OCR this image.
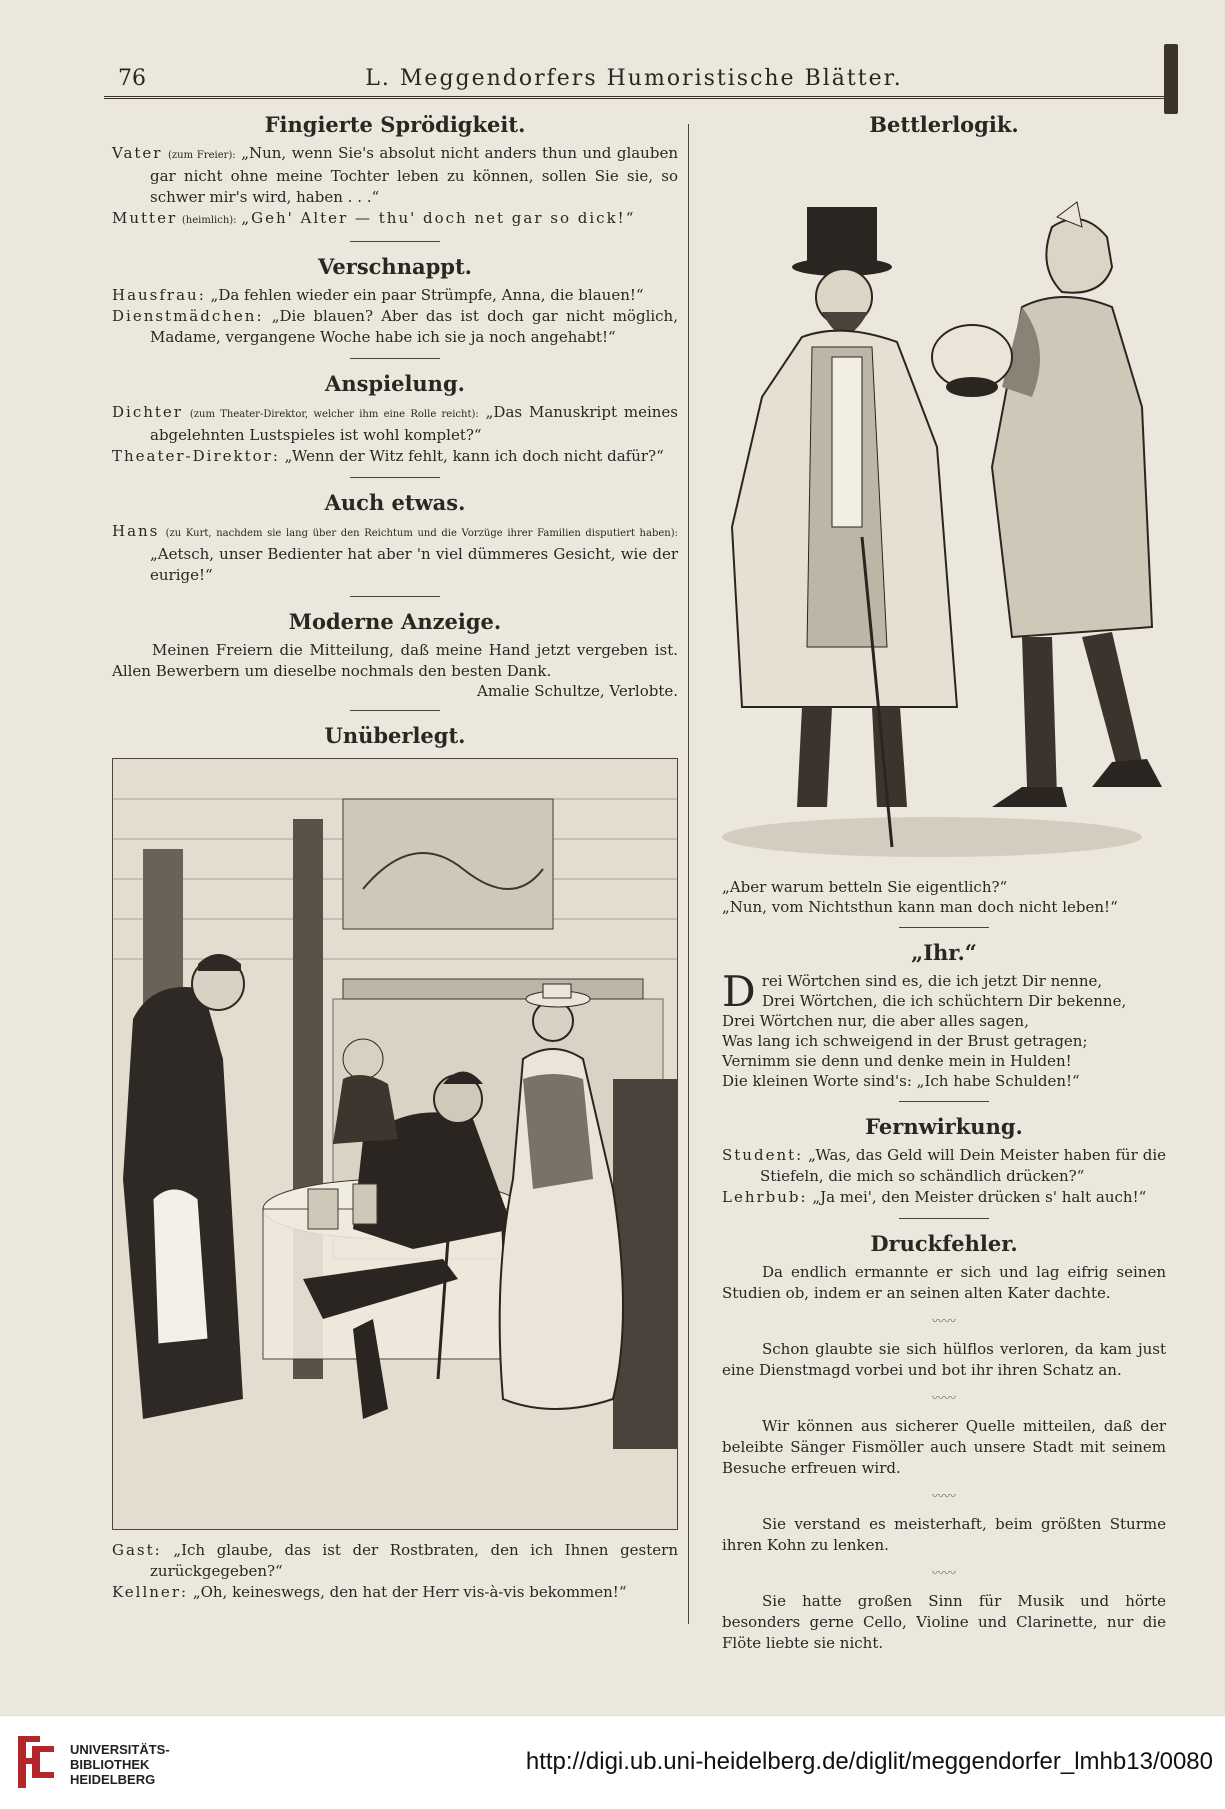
76	L. Meggendorfers Humoristische Blätter.
Fingierte Sprödigkeit.
Vater (zum Freier): „Nun, wenn Sie's absolut nicht anders thun und glauben gar nicht ohne meine Tochter leben zu können, sollen Sie sie, so schwer mir's wird, haben . . .“
Mutter (heimlich): „Geh' Alter — thu' doch net gar so dick!“
Verschnappt.
Hausfrau: „Da fehlen wieder ein paar Strümpfe, Anna, die blauen!“
Dienstmädchen: „Die blauen? Aber das ist doch gar nicht möglich, Madame, vergangene Woche habe ich sie ja noch angehabt!“
Anspielung.
Dichter (zum Theater-Direktor, welcher ihm eine Rolle reicht): „Das Manuskript meines abgelehnten Lustspieles ist wohl komplet?“
Theater-Direktor: „Wenn der Witz fehlt, kann ich doch nicht dafür?“
Auch etwas.
Hans (zu Kurt, nachdem sie lang über den Reichtum und die Vorzüge ihrer Familien disputiert haben): „Aetsch, unser Bedienter hat aber 'n viel dümmeres Gesicht, wie der eurige!“
Moderne Anzeige.
Meinen Freiern die Mitteilung, daß meine Hand jetzt vergeben ist. Allen Bewerbern um dieselbe nochmals den besten Dank.
Amalie Schultze, Verlobte.
Unüberlegt.
Gast: „Ich glaube, das ist der Rostbraten, den ich Ihnen gestern zurückgegeben?“
Kellner: „Oh, keineswegs, den hat der Herr vis-à-vis bekommen!“
Bettlerlogik.
„Aber warum betteln Sie eigentlich?“
„Nun, vom Nichtsthun kann man doch nicht leben!“
„Ihr.“
D rei Wörtchen sind es, die ich jetzt Dir nenne,
Drei Wörtchen, die ich schüchtern Dir bekenne,
Drei Wörtchen nur, die aber alles sagen,
Was lang ich schweigend in der Brust getragen;
Vernimm sie denn und denke mein in Hulden!
Die kleinen Worte sind's: „Ich habe Schulden!“
Fernwirkung.
Student: „Was, das Geld will Dein Meister haben für die Stiefeln, die mich so schändlich drücken?“
Lehrbub: „Ja mei', den Meister drücken s' halt auch!“
Druckfehler.
Da endlich ermannte er sich und lag eifrig seinen Studien ob, indem er an seinen alten Kater dachte.
〰〰
Schon glaubte sie sich hülflos verloren, da kam just eine Dienstmagd vorbei und bot ihr ihren Schatz an.
〰〰
Wir können aus sicherer Quelle mitteilen, daß der beleibte Sänger Fismöller auch unsere Stadt mit seinem Besuche erfreuen wird.
〰〰
Sie verstand es meisterhaft, beim größten Sturme ihren Kohn zu lenken.
〰〰
Sie hatte großen Sinn für Musik und hörte besonders gerne Cello, Violine und Clarinette, nur die Flöte liebte sie nicht.
UNIVERSITÄTS-
BIBLIOTHEK
HEIDELBERG
http://digi.ub.uni-heidelberg.de/diglit/meggendorfer_lmhb13/0080
